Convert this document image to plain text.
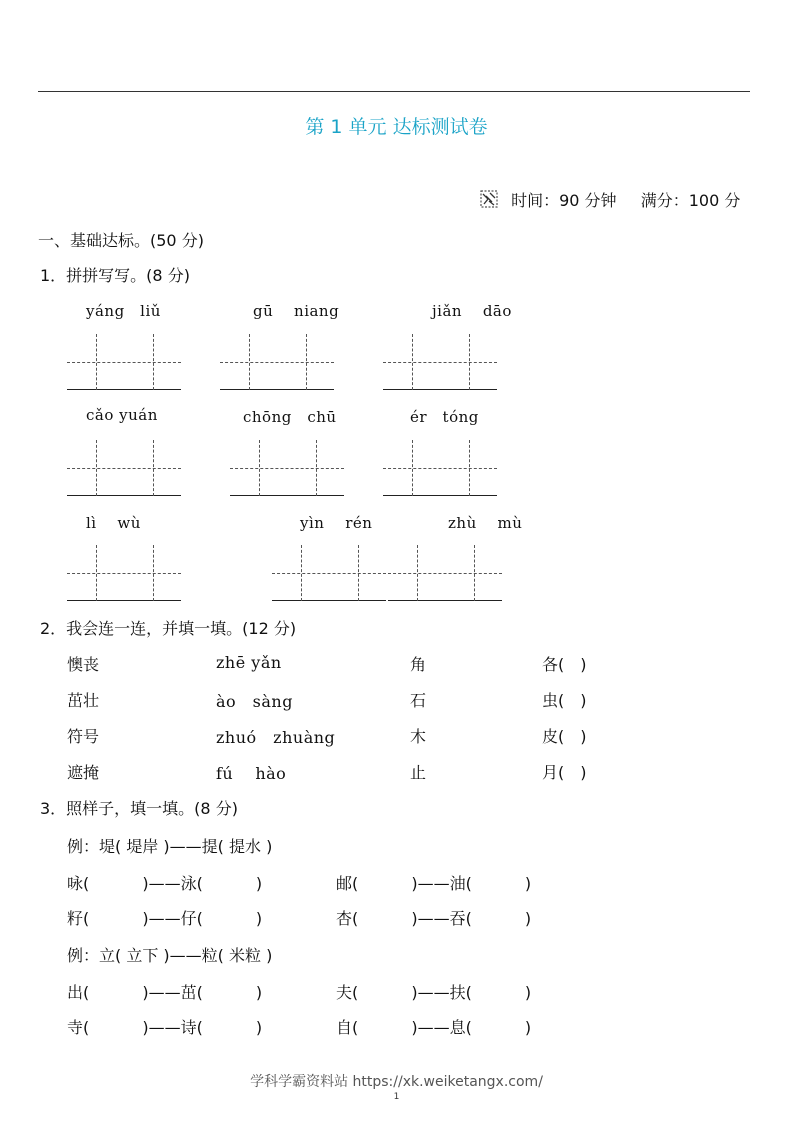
第 1 单元 达标测试卷
时间：90 分钟 满分：100 分
一、基础达标。(50 分)
1．拼拼写写。(8 分)
yáng　liǔ	gū　 niang	jiǎn　 dāo
cǎo yuán	chōng　chū	ér　tóng
lì　 wù	yìn　 rén	zhù　 mù
2．我会连一连，并填一填。(12 分)
懊丧	zhē yǎn	角	各(　)
茁壮	ào　sàng	石	虫(　)
符号	zhuó　zhuàng	木	皮(　)
遮掩	fú　 hào	止	月(　)
3．照样子，填一填。(8 分)
例：堤( 堤岸 )——提( 提水 )
咏(　　　 )——泳(　　　 )	邮(　　　 )——油(　　　 )
籽(　　　 )——仔(　　　 )	杏(　　　 )——吞(　　　 )
例：立( 立下 )——粒( 米粒 )
出(　　　 )——茁(　　　 )	夫(　　　 )——扶(　　　 )
寺(　　　 )——诗(　　　 )	自(　　　 )——息(　　　 )
学科学霸资料站 https://xk.weiketangx.com/
1
